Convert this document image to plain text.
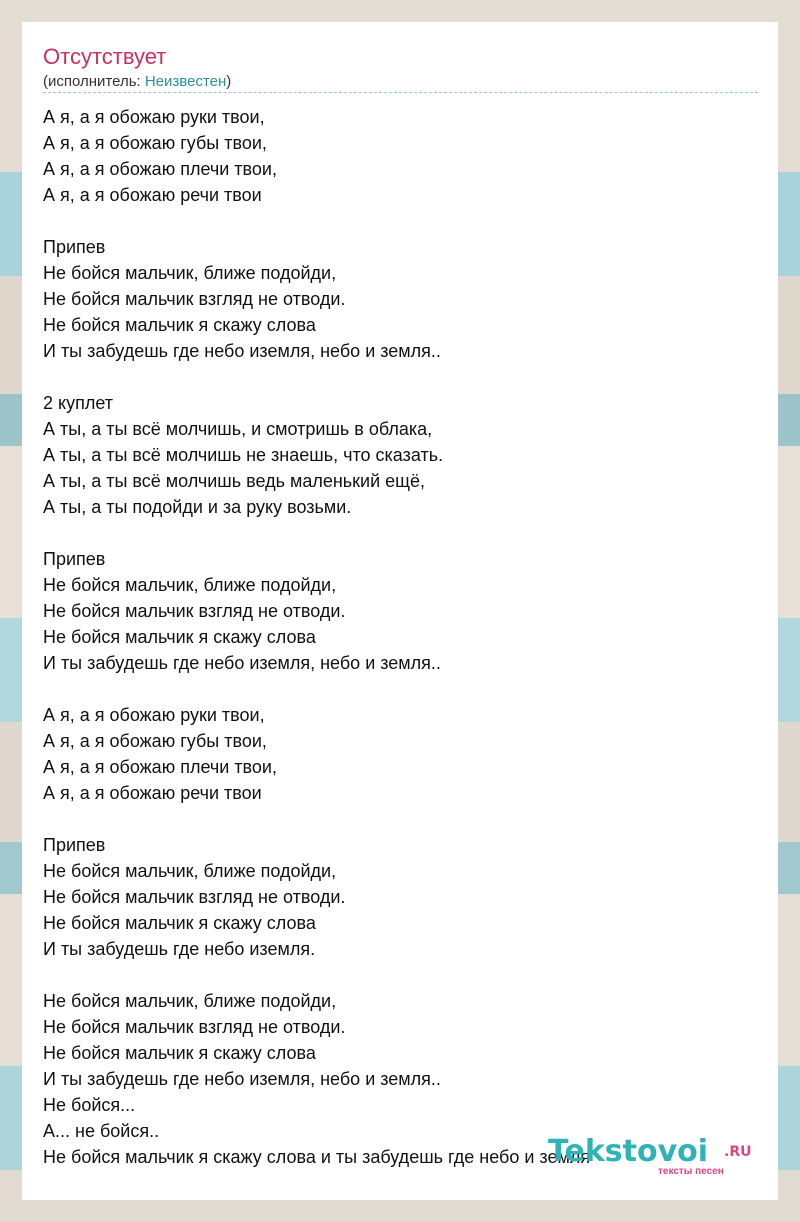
Отсутствует
(исполнитель: Неизвестен)
А я, а я обожаю руки твои,
А я, а я обожаю губы твои,
А я, а я обожаю плечи твои,
А я, а я обожаю речи твои
Припев
Не бойся мальчик, ближе подойди,
Не бойся мальчик взгляд не отводи.
Не бойся мальчик я скажу слова
И ты забудешь где небо иземля, небо и земля..
2 куплет
А ты, а ты всё молчишь, и смотришь в облака,
А ты, а ты всё молчишь не знаешь, что сказать.
А ты, а ты всё молчишь ведь маленький ещё,
А ты, а ты подойди и за руку возьми.
Припев
Не бойся мальчик, ближе подойди,
Не бойся мальчик взгляд не отводи.
Не бойся мальчик я скажу слова
И ты забудешь где небо иземля, небо и земля..
А я, а я обожаю руки твои,
А я, а я обожаю губы твои,
А я, а я обожаю плечи твои,
А я, а я обожаю речи твои
Припев
Не бойся мальчик, ближе подойди,
Не бойся мальчик взгляд не отводи.
Не бойся мальчик я скажу слова
И ты забудешь где небо иземля.
Не бойся мальчик, ближе подойди,
Не бойся мальчик взгляд не отводи.
Не бойся мальчик я скажу слова
И ты забудешь где небо иземля, небо и земля..
Не бойся...
А... не бойся..
Не бойся мальчик я скажу слова и ты забудешь где небо и земля
Tekstovoi .RU
тексты песен
